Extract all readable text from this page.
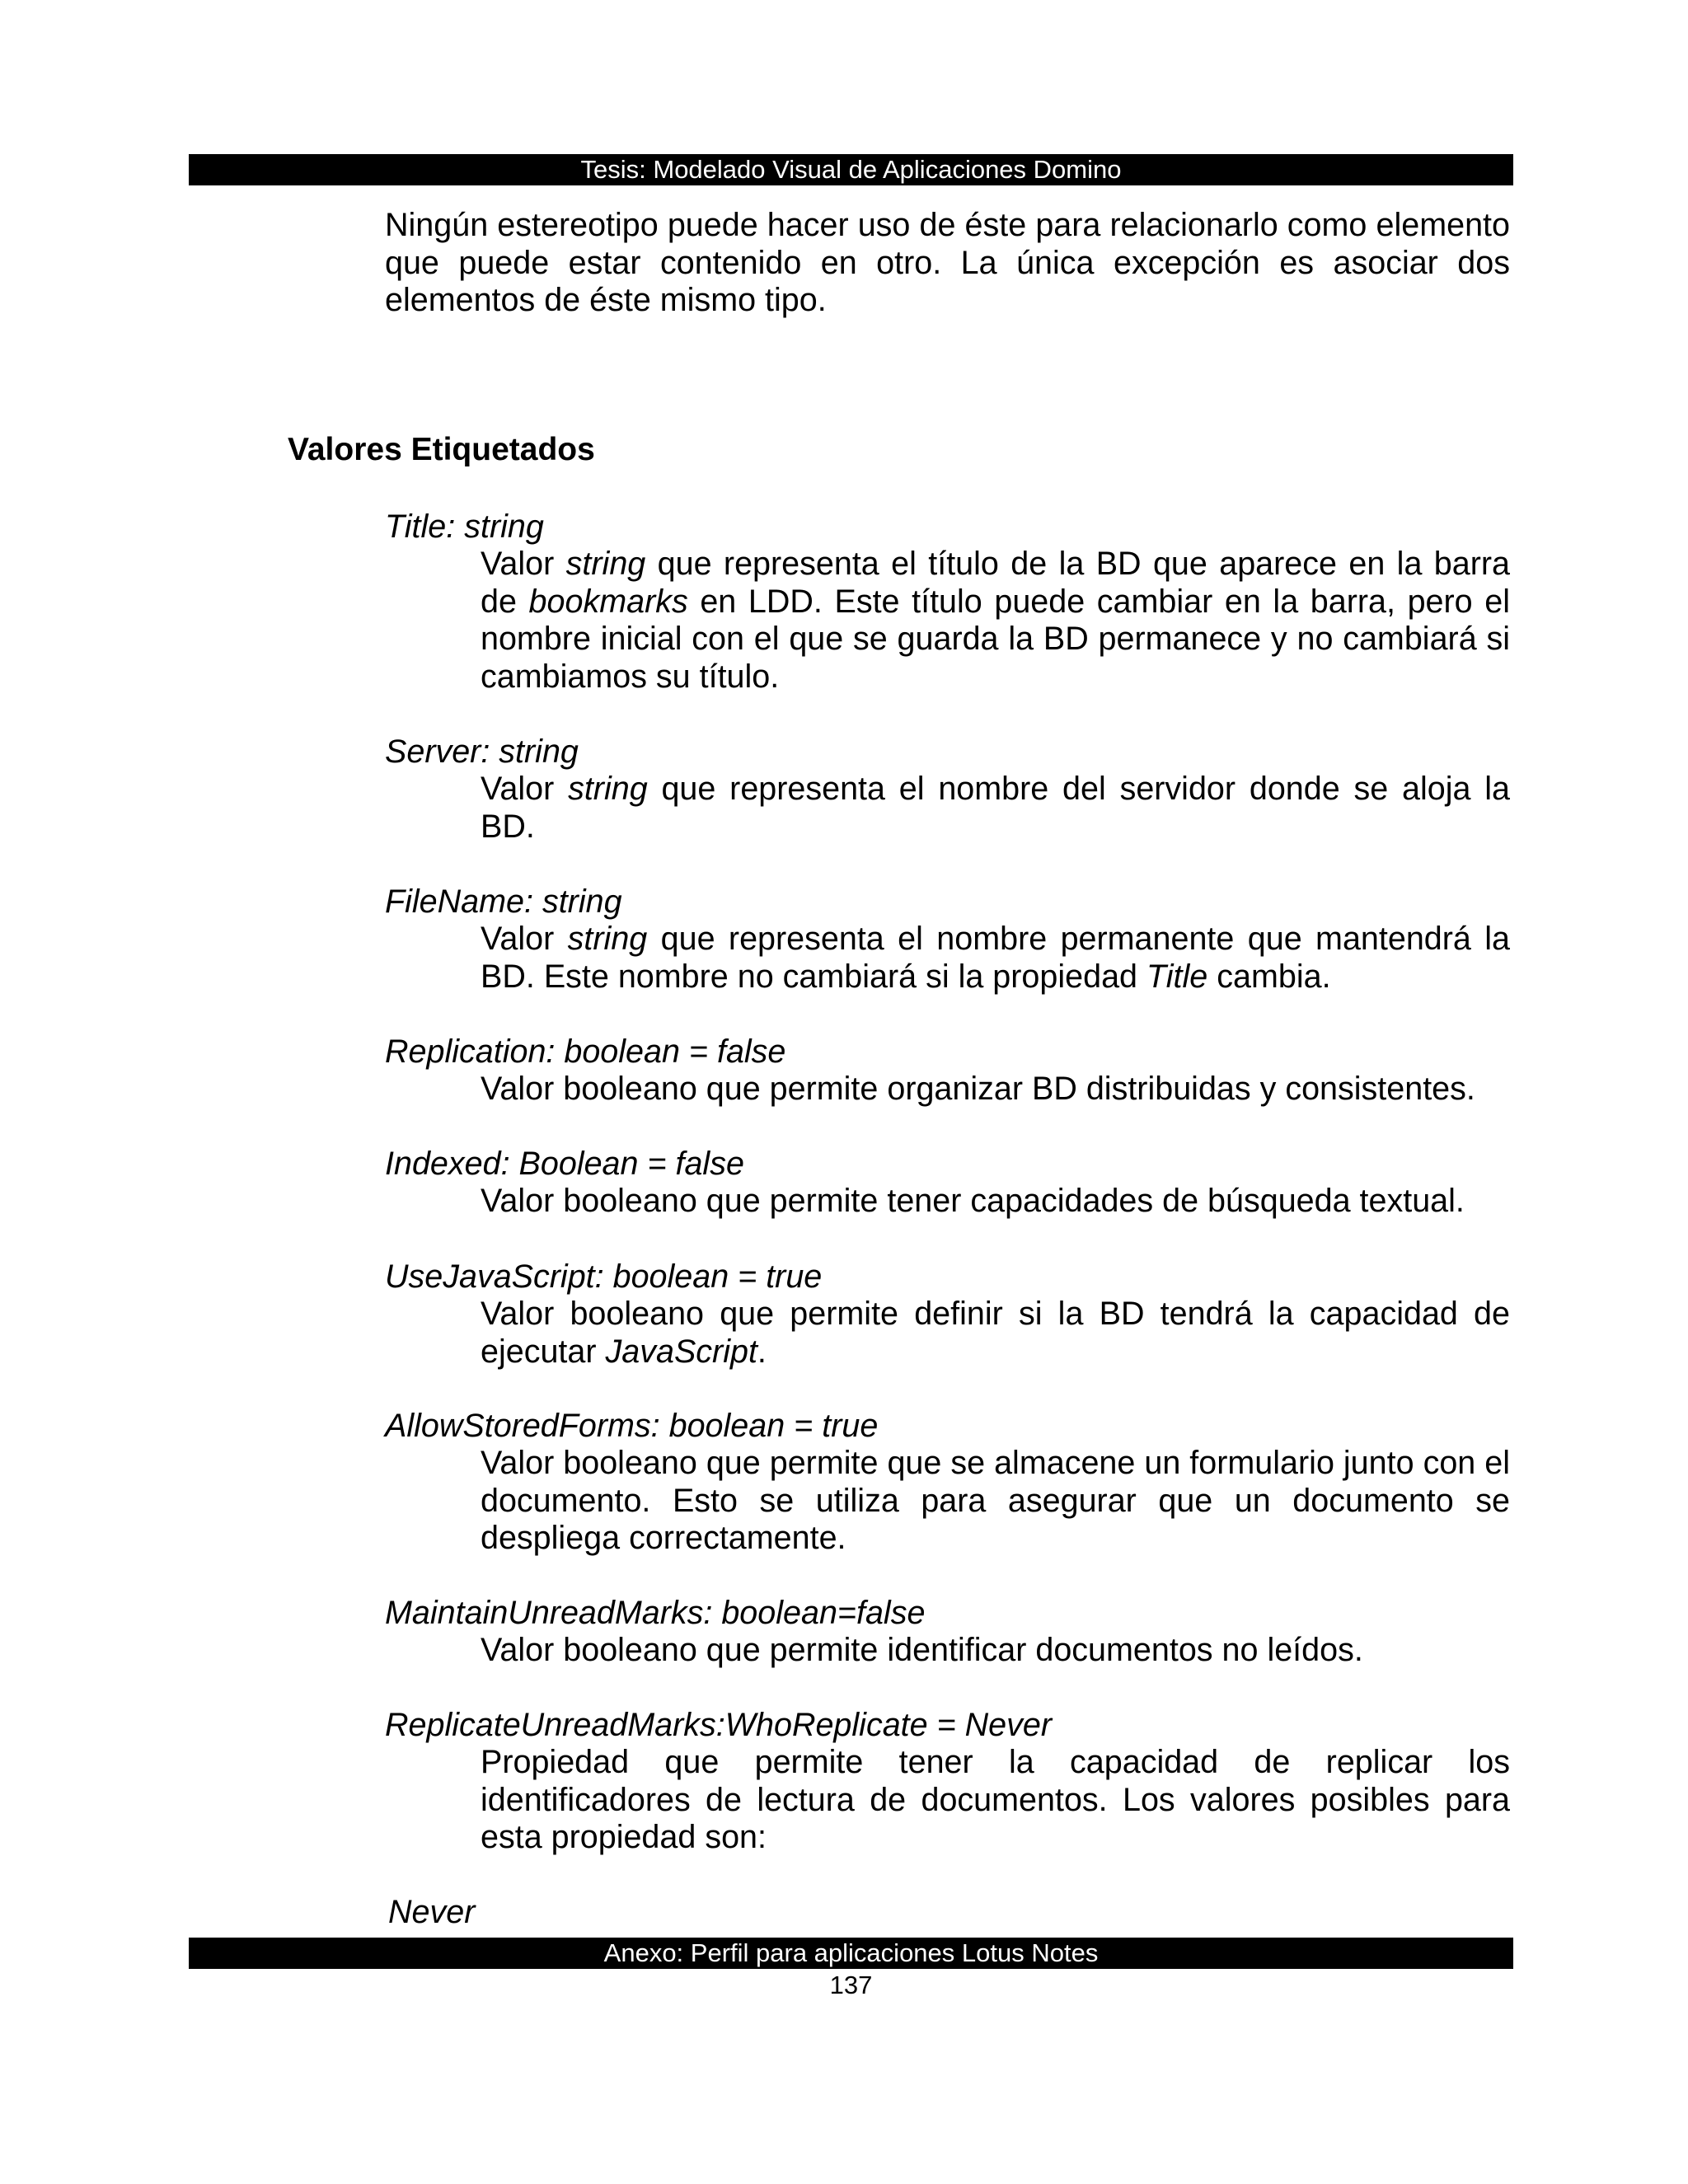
Tesis: Modelado Visual de Aplicaciones Domino

Ningún estereotipo puede hacer uso de éste para relacionarlo como elemento que puede estar contenido en otro. La única excepción es asociar dos elementos de éste mismo tipo.

Valores Etiquetados

Title: string

Valor string que representa el título de la BD que aparece en la barra de bookmarks en LDD. Este título puede cambiar en la barra, pero el nombre inicial con el que se guarda la BD permanece y no cambiará si cambiamos su título.

Server: string

Valor string que representa el nombre del servidor donde se aloja la BD.

FileName: string

Valor string que representa el nombre permanente que mantendrá la BD. Este nombre no cambiará si la propiedad Title cambia.

Replication: boolean = false

Valor booleano que permite organizar BD distribuidas y consistentes.

Indexed: Boolean = false

Valor booleano que permite tener capacidades de búsqueda textual.

UseJavaScript: boolean = true

Valor booleano que permite definir si la BD tendrá la capacidad de ejecutar JavaScript.

AllowStoredForms: boolean = true

Valor booleano que permite que se almacene un formulario junto con el documento. Esto se utiliza para asegurar que un documento se despliega correctamente.

MaintainUnreadMarks: boolean=false

Valor booleano que permite identificar documentos no leídos.

ReplicateUnreadMarks:WhoReplicate = Never

Propiedad que permite tener la capacidad de replicar los identificadores de lectura de documentos. Los valores posibles para esta propiedad son:

Never

Anexo: Perfil para aplicaciones Lotus Notes
137
